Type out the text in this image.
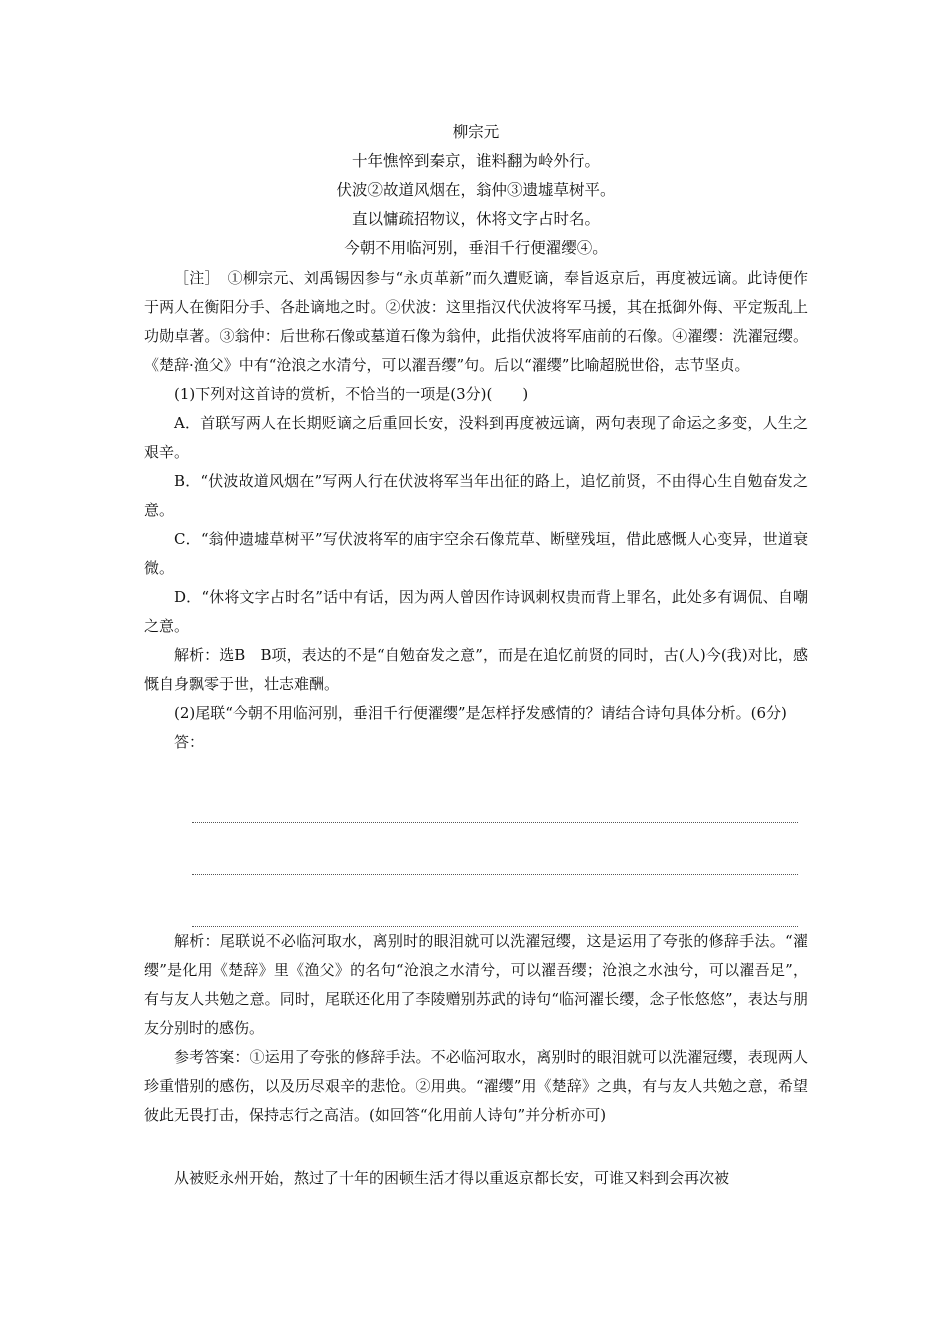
柳宗元
十年憔悴到秦京，谁料翻为岭外行。
伏波②故道风烟在，翁仲③遗墟草树平。
直以慵疏招物议，休将文字占时名。
今朝不用临河别，垂泪千行便濯缨④。

［注］　①柳宗元、刘禹锡因参与“永贞革新”而久遭贬谪，奉旨返京后，再度被远谪。此诗便作于两人在衡阳分手、各赴谪地之时。②伏波：这里指汉代伏波将军马援，其在抵御外侮、平定叛乱上功勋卓著。③翁仲：后世称石像或墓道石像为翁仲，此指伏波将军庙前的石像。④濯缨：洗濯冠缨。《楚辞·渔父》中有“沧浪之水清兮，可以濯吾缨”句。后以“濯缨”比喻超脱世俗，志节坚贞。

(1)下列对这首诗的赏析，不恰当的一项是(3分)(　　)

A．首联写两人在长期贬谪之后重回长安，没料到再度被远谪，两句表现了命运之多变，人生之艰辛。

B．“伏波故道风烟在”写两人行在伏波将军当年出征的路上，追忆前贤，不由得心生自勉奋发之意。

C．“翁仲遗墟草树平”写伏波将军的庙宇空余石像荒草、断壁残垣，借此感慨人心变异，世道衰微。

D．“休将文字占时名”话中有话，因为两人曾因作诗讽刺权贵而背上罪名，此处多有调侃、自嘲之意。

解析：选B　B项，表达的不是“自勉奋发之意”，而是在追忆前贤的同时，古(人)今(我)对比，感慨自身飘零于世，壮志难酬。

(2)尾联“今朝不用临河别，垂泪千行便濯缨”是怎样抒发感情的？请结合诗句具体分析。(6分)

答：

解析：尾联说不必临河取水，离别时的眼泪就可以洗濯冠缨，这是运用了夸张的修辞手法。“濯缨”是化用《楚辞》里《渔父》的名句“沧浪之水清兮，可以濯吾缨；沧浪之水浊兮，可以濯吾足”，有与友人共勉之意。同时，尾联还化用了李陵赠别苏武的诗句“临河濯长缨，念子怅悠悠”，表达与朋友分别时的感伤。

参考答案：①运用了夸张的修辞手法。不必临河取水，离别时的眼泪就可以洗濯冠缨，表现两人珍重惜别的感伤，以及历尽艰辛的悲怆。②用典。“濯缨”用《楚辞》之典，有与友人共勉之意，希望彼此无畏打击，保持志行之高洁。(如回答“化用前人诗句”并分析亦可)

从被贬永州开始，熬过了十年的困顿生活才得以重返京都长安，可谁又料到会再次被
